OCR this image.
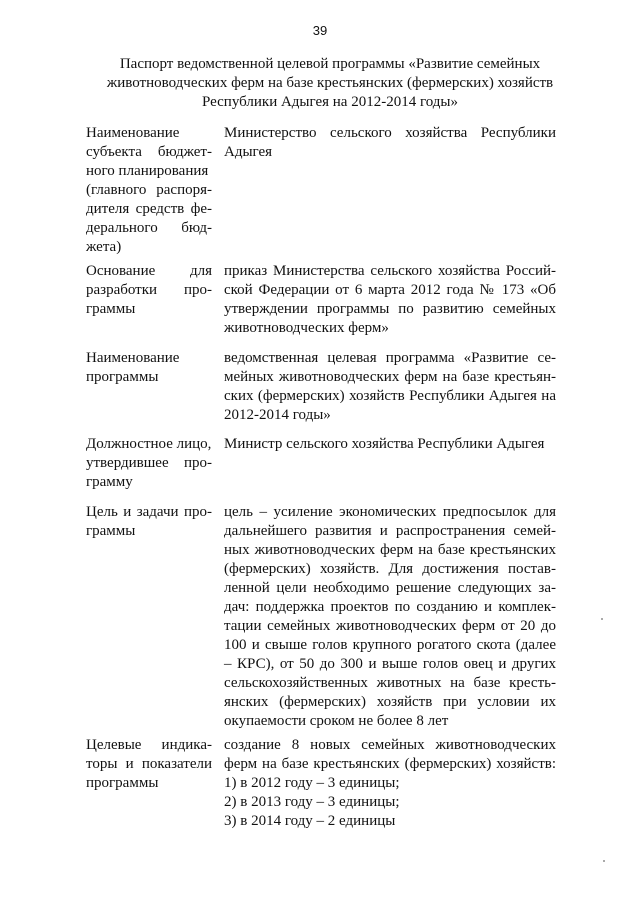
39
Паспорт ведомственной целевой программы «Развитие семейных
животноводческих ферм на базе крестьянских (фермерских) хозяйств
Республики Адыгея на 2012-2014 годы»
Наименование
субъекта бюджет-
ного планирования
(главного распоря-
дителя средств фе-
дерального бюд-
жета)
Министерство сельского хозяйства Республики
Адыгея
Основание для
разработки про-
граммы
приказ Министерства сельского хозяйства Россий-
ской Федерации от 6 марта 2012 года № 173 «Об
утверждении программы по развитию семейных
животноводческих ферм»
Наименование
программы
ведомственная целевая программа «Развитие се-
мейных животноводческих ферм на базе крестьян-
ских (фермерских) хозяйств Республики Адыгея на
2012-2014 годы»
Должностное лицо,
утвердившее про-
грамму
Министр сельского хозяйства Республики Адыгея
Цель и задачи про-
граммы
цель – усиление экономических предпосылок для
дальнейшего развития и распространения семей-
ных животноводческих ферм на базе крестьянских
(фермерских) хозяйств. Для достижения постав-
ленной цели необходимо решение следующих за-
дач: поддержка проектов по созданию и комплек-
тации семейных животноводческих ферм от 20 до
100 и свыше голов крупного рогатого скота (далее
– КРС), от 50 до 300 и выше голов овец и других
сельскохозяйственных животных на базе кресть-
янских (фермерских) хозяйств при условии их
окупаемости сроком не более 8 лет
Целевые индика-
торы и показатели
программы
создание 8 новых семейных животноводческих
ферм на базе крестьянских (фермерских) хозяйств:
1) в 2012 году – 3 единицы;
2) в 2013 году – 3 единицы;
3) в 2014 году – 2 единицы
